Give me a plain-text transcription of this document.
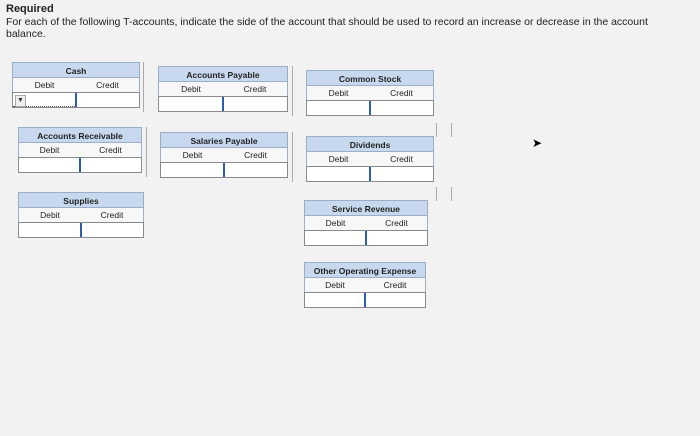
Required
For each of the following T-accounts, indicate the side of the account that should be used to record an increase or decrease in the account balance.
Cash
Debit	Credit
▼
Accounts Payable
Debit	Credit
Common Stock
Debit	Credit
Accounts Receivable
Debit	Credit
Salaries Payable
Debit	Credit
Dividends
Debit	Credit
Supplies
Debit	Credit
Service Revenue
Debit	Credit
Other Operating Expense
Debit	Credit
➤
